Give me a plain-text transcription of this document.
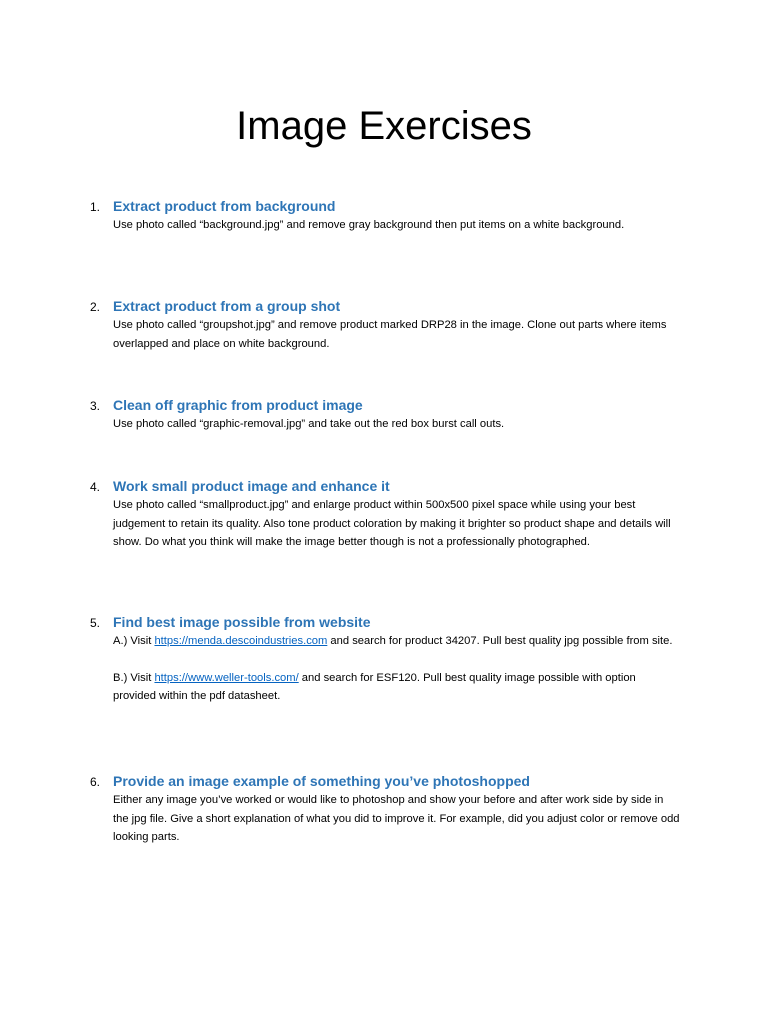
Image Exercises
1. Extract product from background

Use photo called “background.jpg” and remove gray background then put items on a white background.

2. Extract product from a group shot

Use photo called “groupshot.jpg” and remove product marked DRP28 in the image. Clone out parts where items overlapped and place on white background.

3. Clean off graphic from product image

Use photo called “graphic-removal.jpg” and take out the red box burst call outs.

4. Work small product image and enhance it

Use photo called “smallproduct.jpg” and enlarge product within 500x500 pixel space while using your best judgement to retain its quality. Also tone product coloration by making it brighter so product shape and details will show. Do what you think will make the image better though is not a professionally photographed.

5. Find best image possible from website

A.) Visit https://menda.descoindustries.com and search for product 34207. Pull best quality jpg possible from site.

B.) Visit https://www.weller-tools.com/ and search for ESF120. Pull best quality image possible with option provided within the pdf datasheet.

6. Provide an image example of something you’ve photoshopped

Either any image you’ve worked or would like to photoshop and show your before and after work side by side in the jpg file. Give a short explanation of what you did to improve it. For example, did you adjust color or remove odd looking parts.
